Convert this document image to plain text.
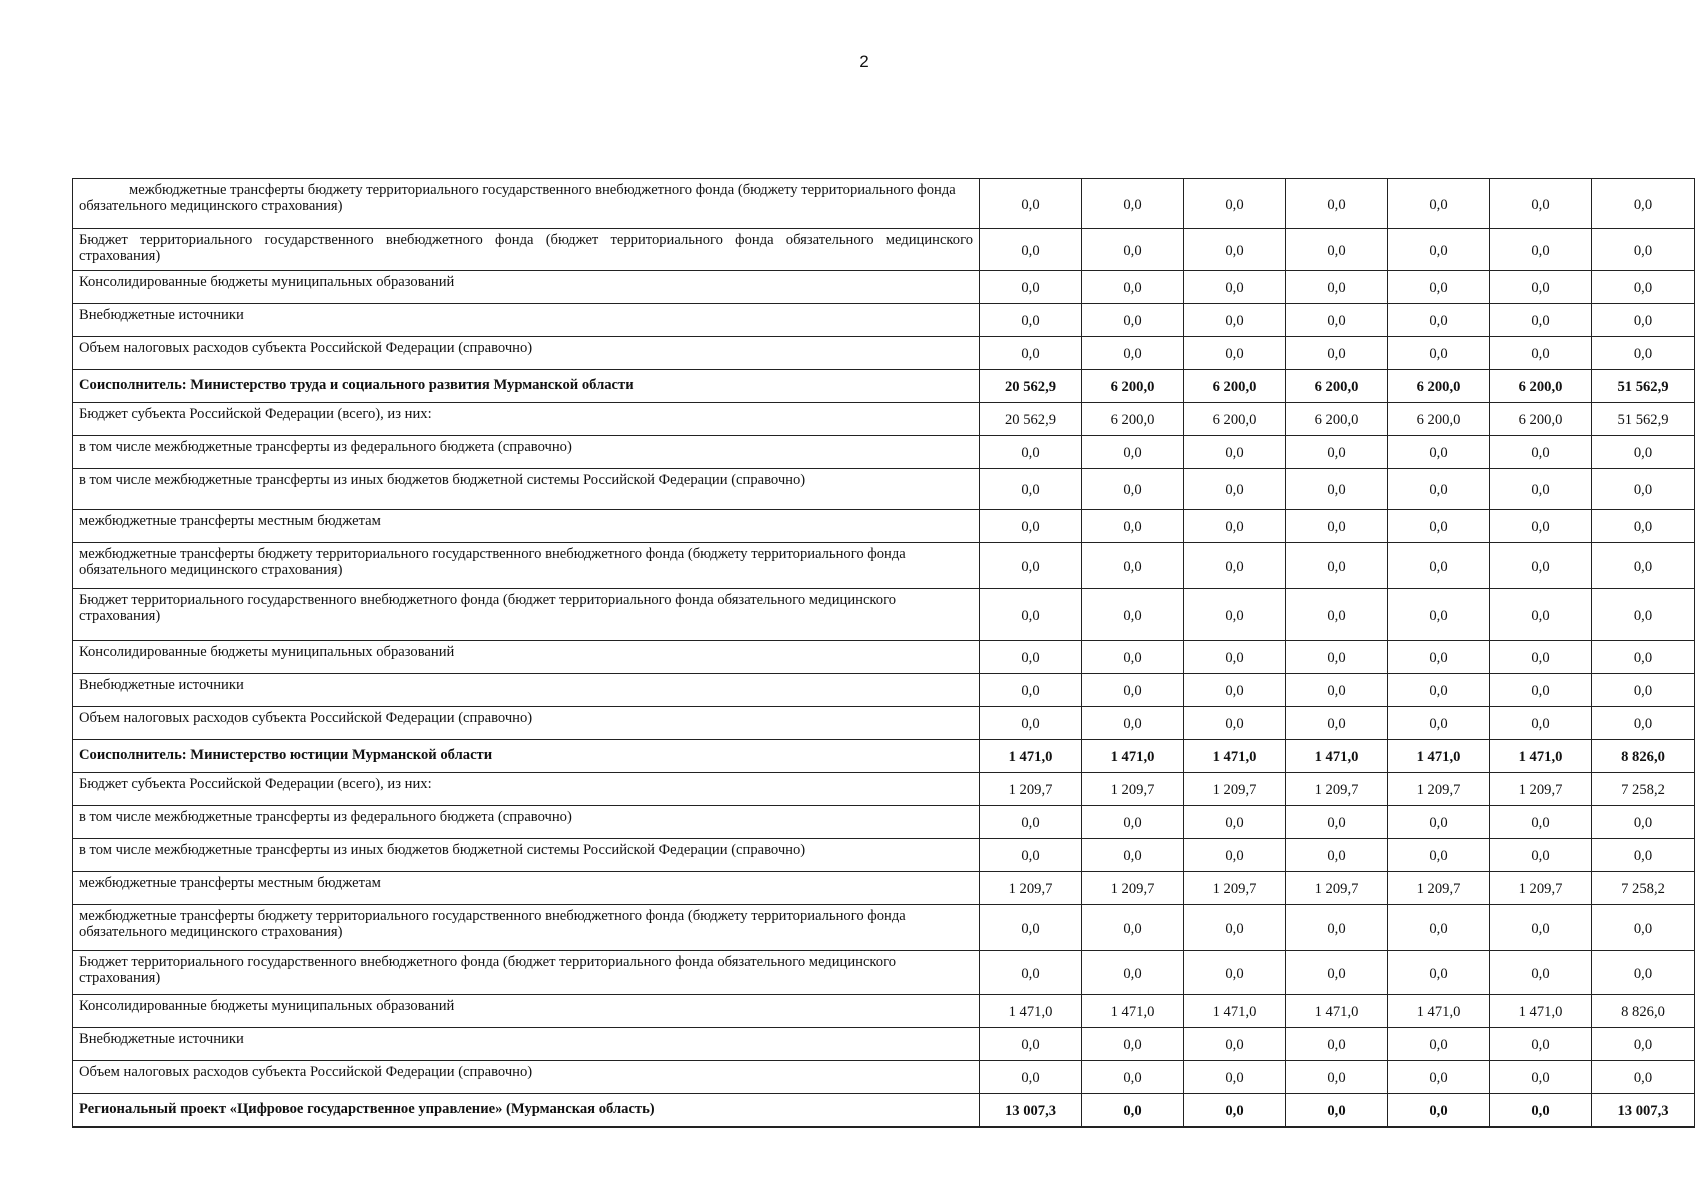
2
межбюджетные трансферты бюджету территориального государственного внебюджетного фонда (бюджету территориального фонда обязательного медицинского страхования)	0,0	0,0	0,0	0,0	0,0	0,0	0,0
Бюджет территориального государственного внебюджетного фонда (бюджет территориального фонда обязательного медицинского страхования)	0,0	0,0	0,0	0,0	0,0	0,0	0,0
Консолидированные бюджеты муниципальных образований	0,0	0,0	0,0	0,0	0,0	0,0	0,0
Внебюджетные источники	0,0	0,0	0,0	0,0	0,0	0,0	0,0
Объем налоговых расходов субъекта Российской Федерации (справочно)	0,0	0,0	0,0	0,0	0,0	0,0	0,0
Соисполнитель: Министерство труда и социального развития Мурманской области	20 562,9	6 200,0	6 200,0	6 200,0	6 200,0	6 200,0	51 562,9
Бюджет субъекта Российской Федерации (всего), из них:	20 562,9	6 200,0	6 200,0	6 200,0	6 200,0	6 200,0	51 562,9
в том числе межбюджетные трансферты из федерального бюджета (справочно)	0,0	0,0	0,0	0,0	0,0	0,0	0,0
в том числе межбюджетные трансферты из иных бюджетов бюджетной системы Российской Федерации (справочно)	0,0	0,0	0,0	0,0	0,0	0,0	0,0
межбюджетные трансферты местным бюджетам	0,0	0,0	0,0	0,0	0,0	0,0	0,0
межбюджетные трансферты бюджету территориального государственного внебюджетного фонда (бюджету территориального фонда обязательного медицинского страхования)	0,0	0,0	0,0	0,0	0,0	0,0	0,0
Бюджет территориального государственного внебюджетного фонда (бюджет территориального фонда обязательного медицинского страхования)	0,0	0,0	0,0	0,0	0,0	0,0	0,0
Консолидированные бюджеты муниципальных образований	0,0	0,0	0,0	0,0	0,0	0,0	0,0
Внебюджетные источники	0,0	0,0	0,0	0,0	0,0	0,0	0,0
Объем налоговых расходов субъекта Российской Федерации (справочно)	0,0	0,0	0,0	0,0	0,0	0,0	0,0
Соисполнитель: Министерство юстиции Мурманской области	1 471,0	1 471,0	1 471,0	1 471,0	1 471,0	1 471,0	8 826,0
Бюджет субъекта Российской Федерации (всего), из них:	1 209,7	1 209,7	1 209,7	1 209,7	1 209,7	1 209,7	7 258,2
в том числе межбюджетные трансферты из федерального бюджета (справочно)	0,0	0,0	0,0	0,0	0,0	0,0	0,0
в том числе межбюджетные трансферты из иных бюджетов бюджетной системы Российской Федерации (справочно)	0,0	0,0	0,0	0,0	0,0	0,0	0,0
межбюджетные трансферты местным бюджетам	1 209,7	1 209,7	1 209,7	1 209,7	1 209,7	1 209,7	7 258,2
межбюджетные трансферты бюджету территориального государственного внебюджетного фонда (бюджету территориального фонда обязательного медицинского страхования)	0,0	0,0	0,0	0,0	0,0	0,0	0,0
Бюджет территориального государственного внебюджетного фонда (бюджет территориального фонда обязательного медицинского страхования)	0,0	0,0	0,0	0,0	0,0	0,0	0,0
Консолидированные бюджеты муниципальных образований	1 471,0	1 471,0	1 471,0	1 471,0	1 471,0	1 471,0	8 826,0
Внебюджетные источники	0,0	0,0	0,0	0,0	0,0	0,0	0,0
Объем налоговых расходов субъекта Российской Федерации (справочно)	0,0	0,0	0,0	0,0	0,0	0,0	0,0
Региональный проект «Цифровое государственное управление» (Мурманская область)	13 007,3	0,0	0,0	0,0	0,0	0,0	13 007,3
